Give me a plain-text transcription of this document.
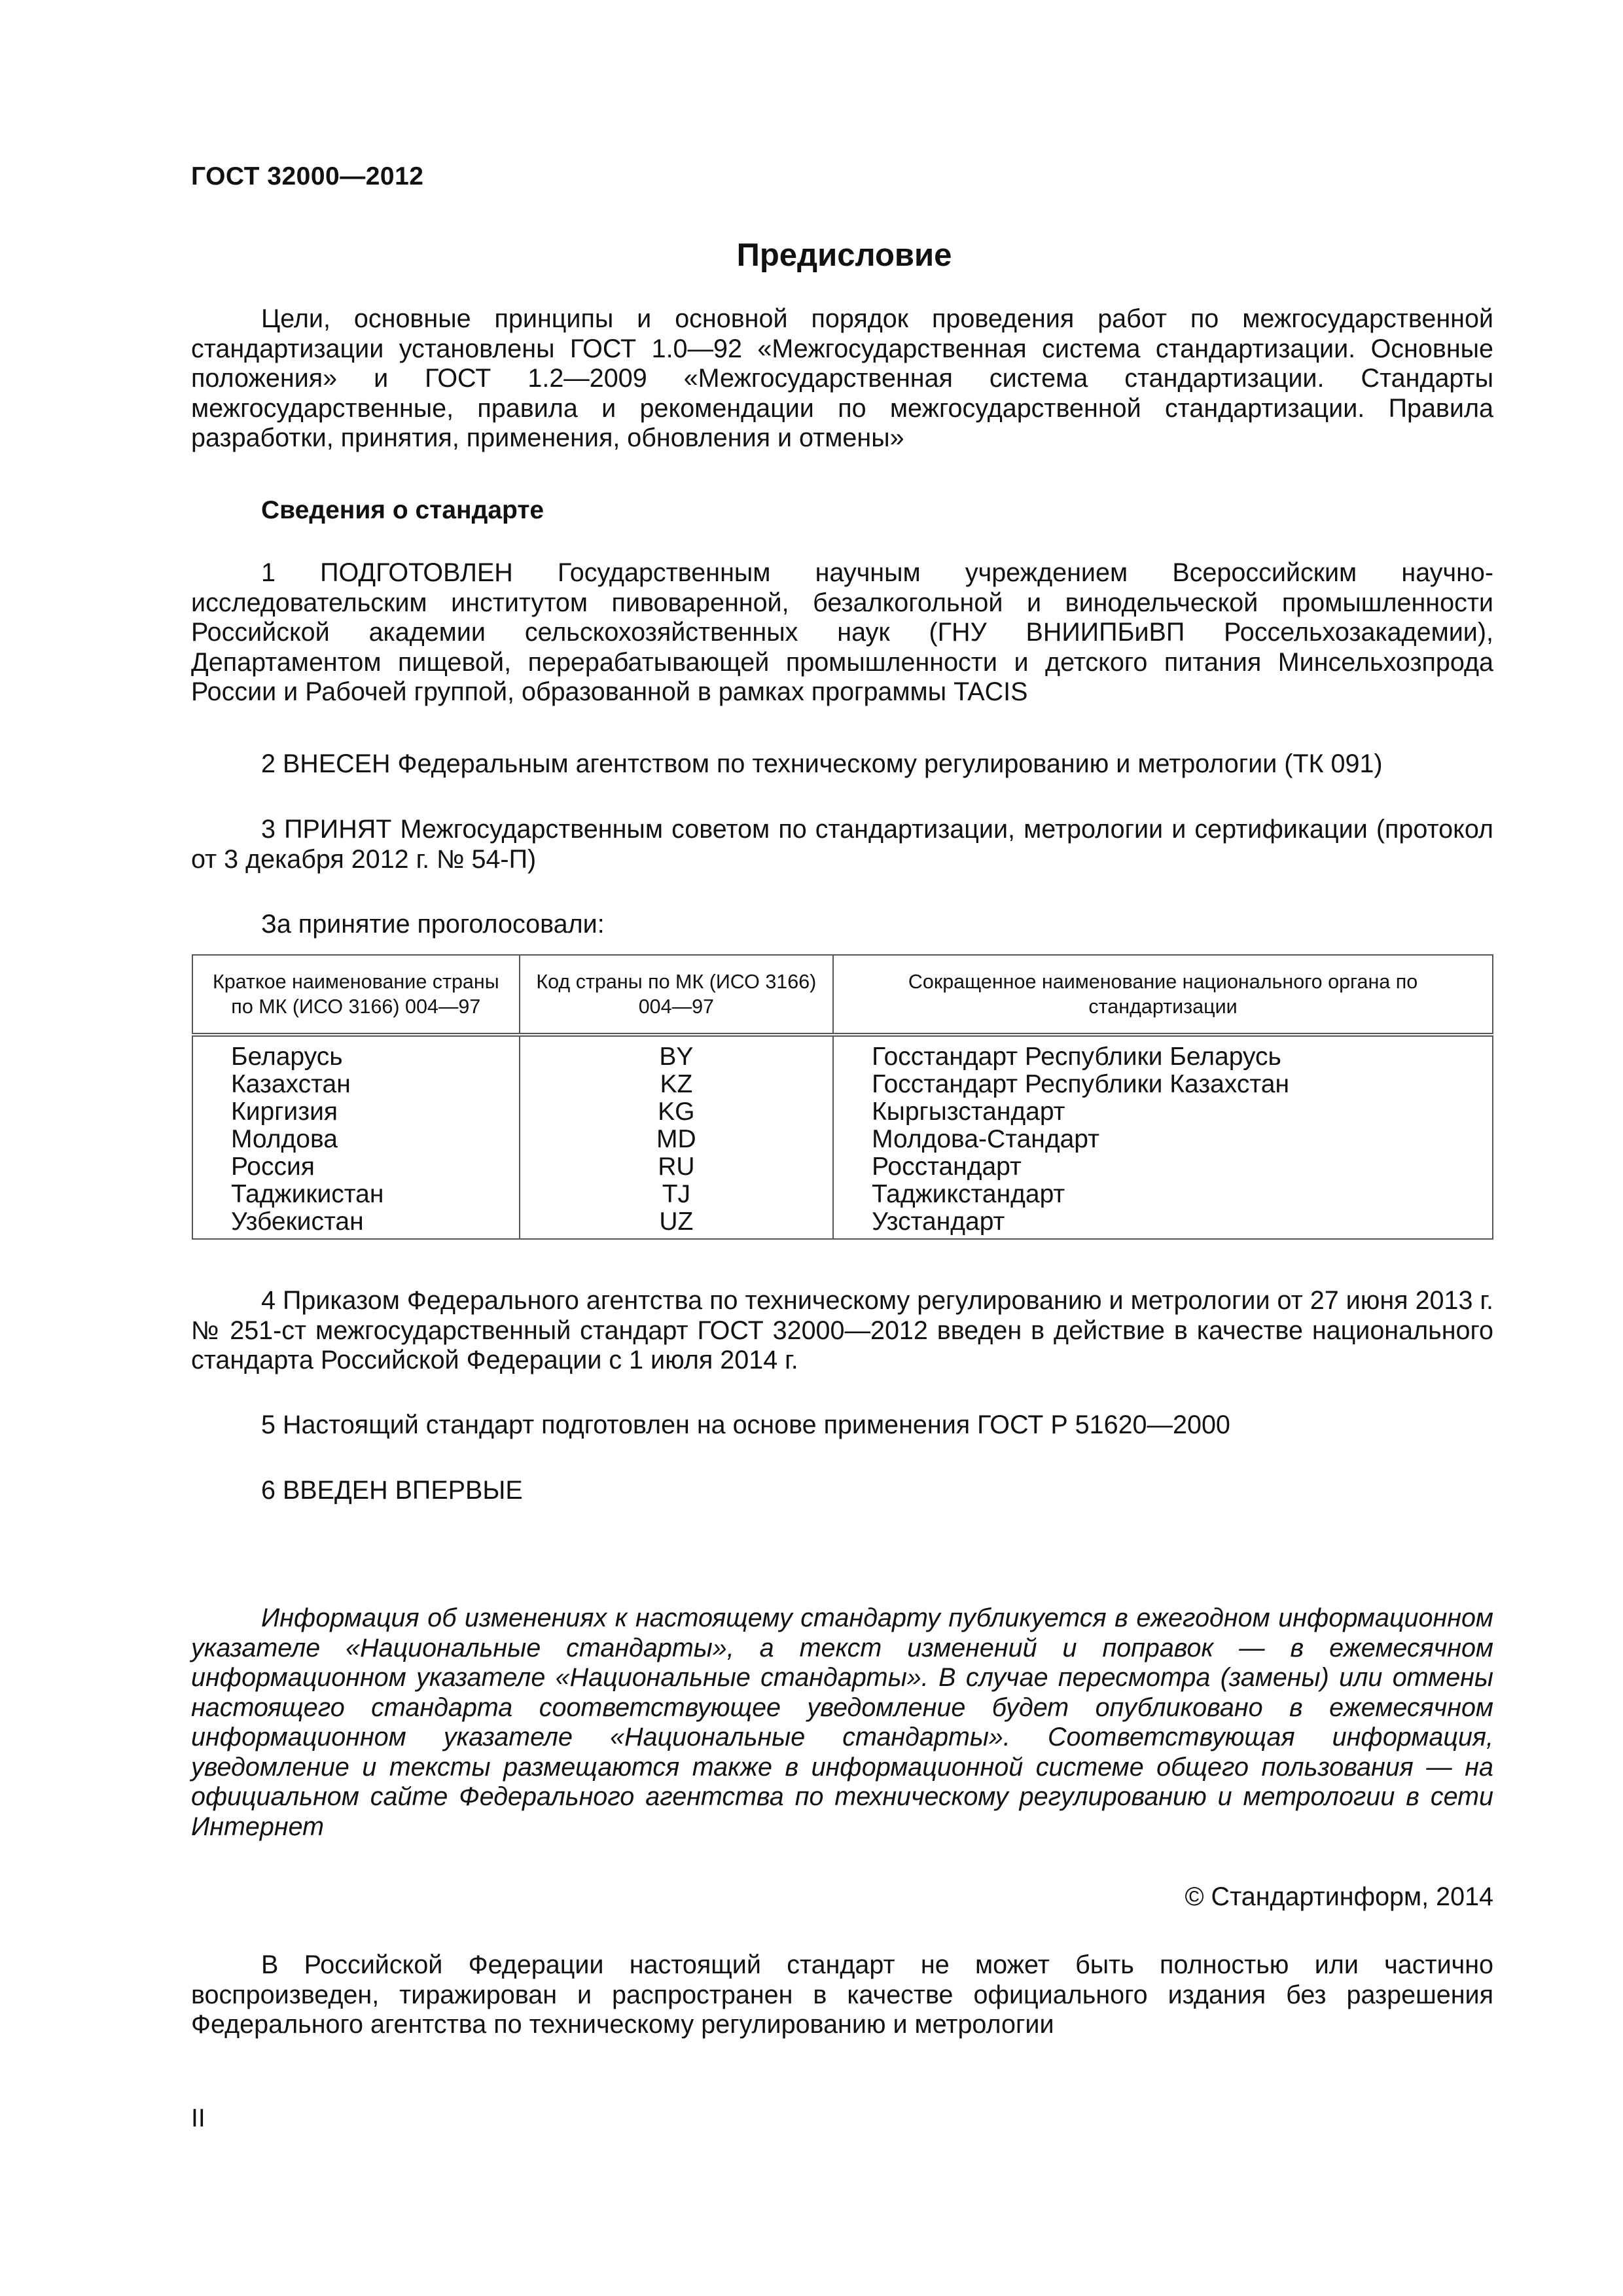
ГОСТ 32000—2012
Предисловие

Цели, основные принципы и основной порядок проведения работ по межгосударственной стандартизации установлены ГОСТ 1.0—92 «Межгосударственная система стандартизации. Основные положения» и ГОСТ 1.2—2009 «Межгосударственная система стандартизации. Стандарты межгосударственные, правила и рекомендации по межгосударственной стандартизации. Правила разработки, принятия, применения, обновления и отмены»

Сведения о стандарте

1 ПОДГОТОВЛЕН Государственным научным учреждением Всероссийским научно-исследовательским институтом пивоваренной, безалкогольной и винодельческой промышленности Российской академии сельскохозяйственных наук (ГНУ ВНИИПБиВП Россельхозакадемии), Департаментом пищевой, перерабатывающей промышленности и детского питания Минсельхозпрода России и Рабочей группой, образованной в рамках программы TACIS

2 ВНЕСЕН Федеральным агентством по техническому регулированию и метрологии (ТК 091)

3 ПРИНЯТ Межгосударственным советом по стандартизации, метрологии и сертификации (протокол от 3 декабря 2012 г. № 54-П)

За принятие проголосовали:
Краткое наименование страны по МК (ИСО 3166) 004—97	Код страны по МК (ИСО 3166) 004—97	Сокращенное наименование национального органа по стандартизации
Беларусь	BY	Госстандарт Республики Беларусь
Казахстан	KZ	Госстандарт Республики Казахстан
Киргизия	KG	Кыргызстандарт
Молдова	MD	Молдова-Стандарт
Россия	RU	Росстандарт
Таджикистан	TJ	Таджикстандарт
Узбекистан	UZ	Узстандарт

4 Приказом Федерального агентства по техническому регулированию и метрологии от 27 июня 2013 г. № 251-ст межгосударственный стандарт ГОСТ 32000—2012 введен в действие в качестве национального стандарта Российской Федерации с 1 июля 2014 г.

5 Настоящий стандарт подготовлен на основе применения ГОСТ Р 51620—2000

6 ВВЕДЕН ВПЕРВЫЕ

Информация об изменениях к настоящему стандарту публикуется в ежегодном информационном указателе «Национальные стандарты», а текст изменений и поправок — в ежемесячном информационном указателе «Национальные стандарты». В случае пересмотра (замены) или отмены настоящего стандарта соответствующее уведомление будет опубликовано в ежемесячном информационном указателе «Национальные стандарты». Соответствующая информация, уведомление и тексты размещаются также в информационной системе общего пользования — на официальном сайте Федерального агентства по техническому регулированию и метрологии в сети Интернет

© Стандартинформ, 2014

В Российской Федерации настоящий стандарт не может быть полностью или частично воспроизведен, тиражирован и распространен в качестве официального издания без разрешения Федерального агентства по техническому регулированию и метрологии

II
